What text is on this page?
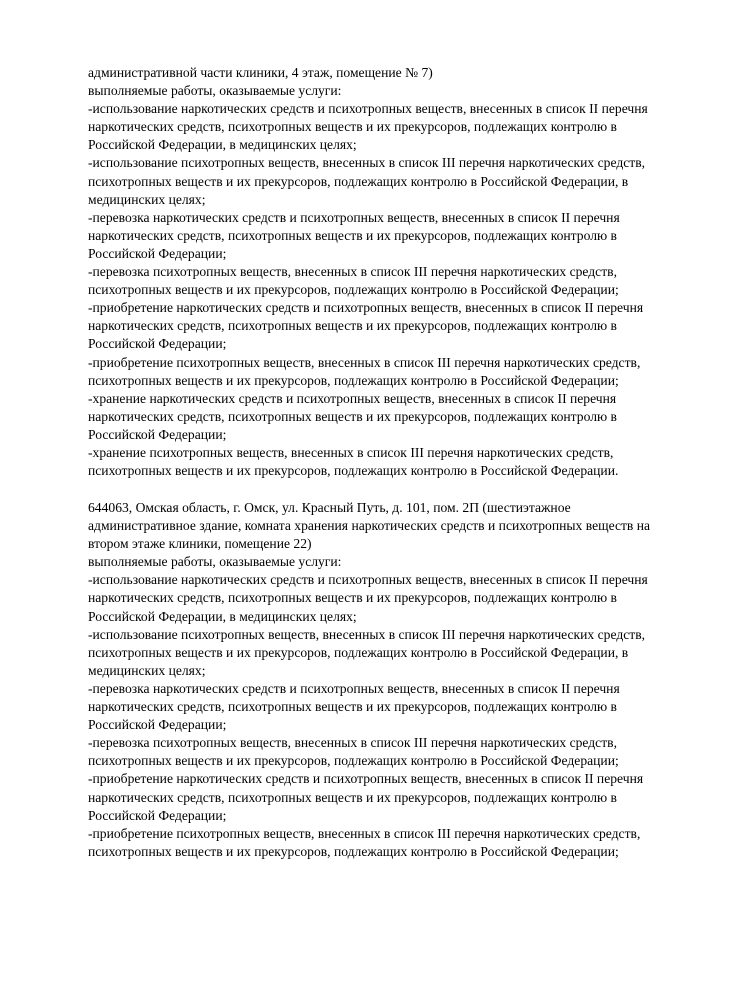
административной части клиники, 4 этаж, помещение № 7)
выполняемые работы, оказываемые услуги:
-использование наркотических средств и психотропных веществ, внесенных в список II перечня
наркотических средств, психотропных веществ и их прекурсоров, подлежащих контролю в
Российской Федерации, в медицинских целях;
-использование психотропных веществ, внесенных в список III перечня наркотических средств,
психотропных веществ и их прекурсоров, подлежащих контролю в Российской Федерации, в
медицинских целях;
-перевозка наркотических средств и психотропных веществ, внесенных в список II перечня
наркотических средств, психотропных веществ и их прекурсоров, подлежащих контролю в
Российской Федерации;
-перевозка психотропных веществ, внесенных в список III перечня наркотических средств,
психотропных веществ и их прекурсоров, подлежащих контролю в Российской Федерации;
-приобретение наркотических средств и психотропных веществ, внесенных в список II перечня
наркотических средств, психотропных веществ и их прекурсоров, подлежащих контролю в
Российской Федерации;
-приобретение психотропных веществ, внесенных в список III перечня наркотических средств,
психотропных веществ и их прекурсоров, подлежащих контролю в Российской Федерации;
-хранение наркотических средств и психотропных веществ, внесенных в список II перечня
наркотических средств, психотропных веществ и их прекурсоров, подлежащих контролю в
Российской Федерации;
-хранение психотропных веществ, внесенных в список III перечня наркотических средств,
психотропных веществ и их прекурсоров, подлежащих контролю в Российской Федерации.
644063, Омская область, г. Омск, ул. Красный Путь, д. 101, пом. 2П (шестиэтажное
административное здание, комната хранения наркотических средств и психотропных веществ на
втором этаже клиники, помещение 22)
выполняемые работы, оказываемые услуги:
-использование наркотических средств и психотропных веществ, внесенных в список II перечня
наркотических средств, психотропных веществ и их прекурсоров, подлежащих контролю в
Российской Федерации, в медицинских целях;
-использование психотропных веществ, внесенных в список III перечня наркотических средств,
психотропных веществ и их прекурсоров, подлежащих контролю в Российской Федерации, в
медицинских целях;
-перевозка наркотических средств и психотропных веществ, внесенных в список II перечня
наркотических средств, психотропных веществ и их прекурсоров, подлежащих контролю в
Российской Федерации;
-перевозка психотропных веществ, внесенных в список III перечня наркотических средств,
психотропных веществ и их прекурсоров, подлежащих контролю в Российской Федерации;
-приобретение наркотических средств и психотропных веществ, внесенных в список II перечня
наркотических средств, психотропных веществ и их прекурсоров, подлежащих контролю в
Российской Федерации;
-приобретение психотропных веществ, внесенных в список III перечня наркотических средств,
психотропных веществ и их прекурсоров, подлежащих контролю в Российской Федерации;
